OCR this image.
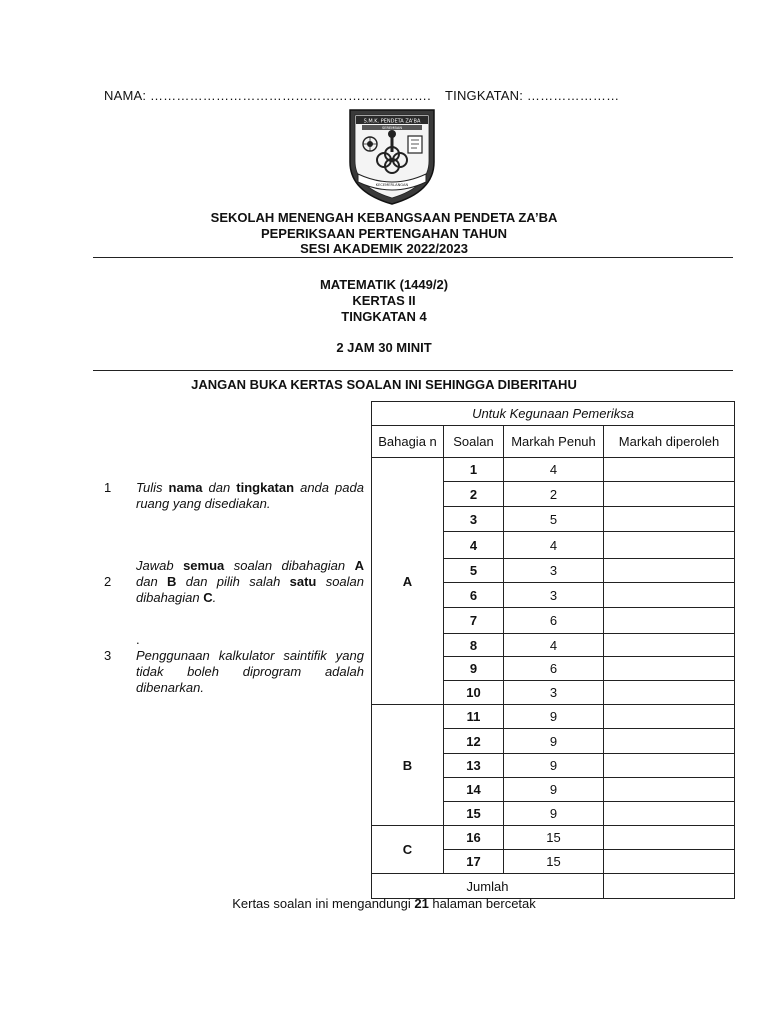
NAMA: ………………………………………………………. TINGKATAN: …………………
S.M.K. PENDETA ZA'BA
SEREMBAN
KECEMERLANGAN
SEKOLAH MENENGAH KEBANGSAAN PENDETA ZA’BA
PEPERIKSAAN PERTENGAHAN TAHUN
SESI AKADEMIK 2022/2023
MATEMATIK (1449/2)
KERTAS II
TINGKATAN 4
2 JAM 30 MINIT
JANGAN BUKA KERTAS SOALAN INI SEHINGGA DIBERITAHU
1 Tulis nama dan tingkatan anda pada ruang yang disediakan.
2
Jawab semua soalan dibahagian A dan B dan pilih salah satu soalan dibahagian C.
.
3 Penggunaan kalkulator saintifik yang tidak boleh diprogram adalah dibenarkan.
Untuk Kegunaan Pemeriksa			
Bahagia n	Soalan	Markah Penuh	Markah diperoleh
A	1	4	
	2	2	
	3	5	
	4	4	
	5	3	
	6	3	
	7	6	
	8	4	
	9	6	
	10	3	
B	11	9	
	12	9	
	13	9	
	14	9	
	15	9	
C	16	15	
	17	15	
Jumlah			
Kertas soalan ini mengandungi 21 halaman bercetak
